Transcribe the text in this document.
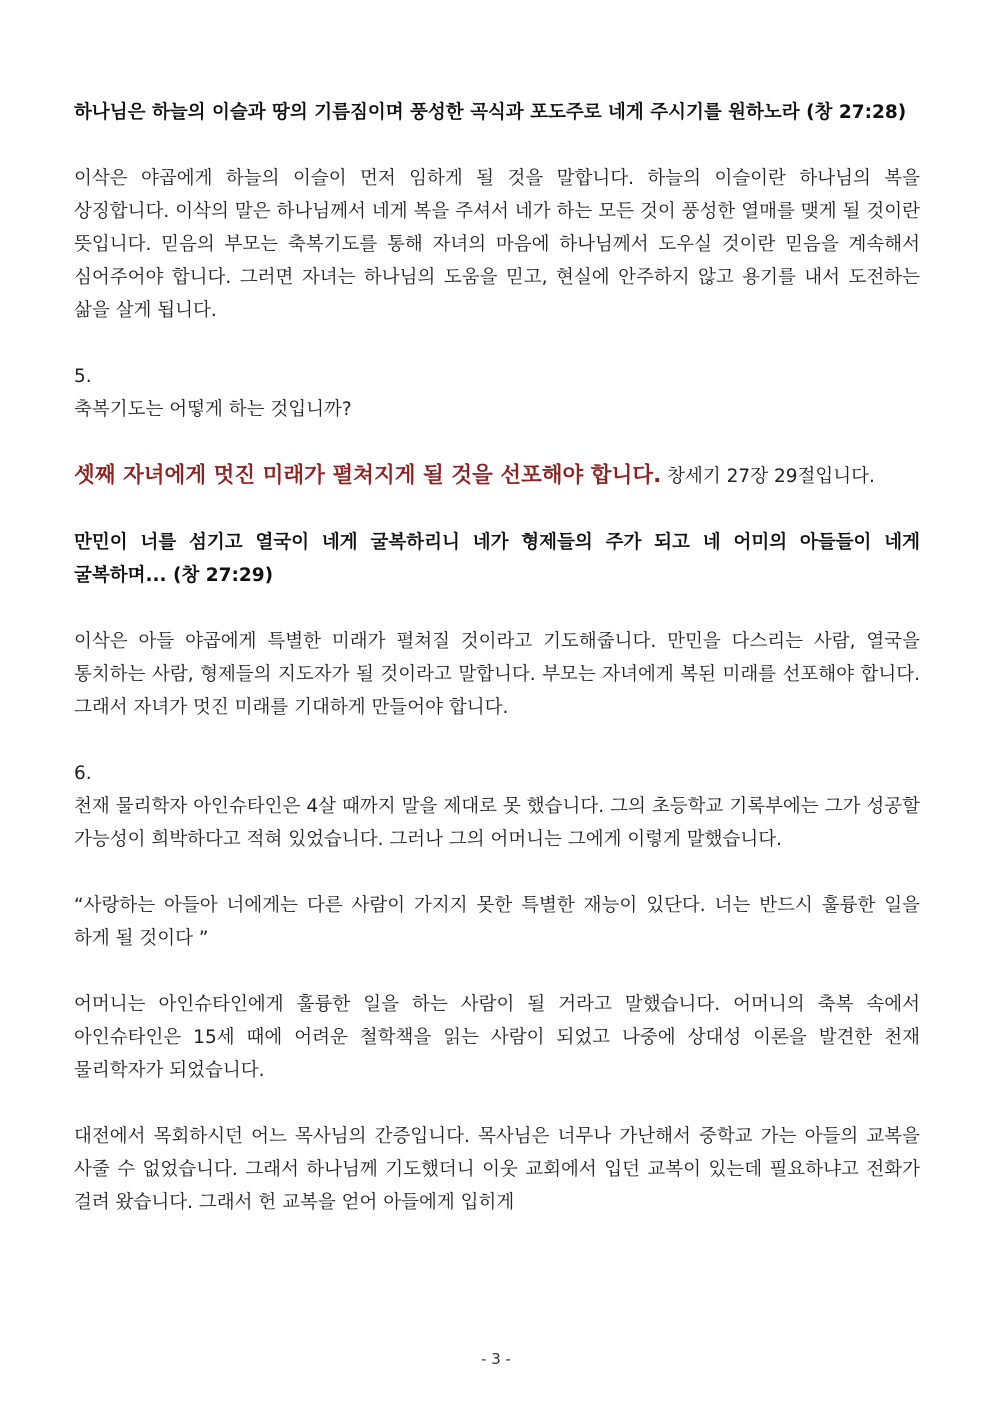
하나님은 하늘의 이슬과 땅의 기름짐이며 풍성한 곡식과 포도주로 네게 주시기를 원하노라 (창 27:28)

이삭은 야곱에게 하늘의 이슬이 먼저 임하게 될 것을 말합니다. 하늘의 이슬이란 하나님의 복을 상징합니다. 이삭의 말은 하나님께서 네게 복을 주셔서 네가 하는 모든 것이 풍성한 열매를 맺게 될 것이란 뜻입니다. 믿음의 부모는 축복기도를 통해 자녀의 마음에 하나님께서 도우실 것이란 믿음을 계속해서 심어주어야 합니다. 그러면 자녀는 하나님의 도움을 믿고, 현실에 안주하지 않고 용기를 내서 도전하는 삶을 살게 됩니다.

5.

축복기도는 어떻게 하는 것입니까?

셋째 자녀에게 멋진 미래가 펼쳐지게 될 것을 선포해야 합니다. 창세기 27장 29절입니다.

만민이 너를 섬기고 열국이 네게 굴복하리니 네가 형제들의 주가 되고 네 어미의 아들들이 네게 굴복하며... (창 27:29)

이삭은 아들 야곱에게 특별한 미래가 펼쳐질 것이라고 기도해줍니다. 만민을 다스리는 사람, 열국을 통치하는 사람, 형제들의 지도자가 될 것이라고 말합니다. 부모는 자녀에게 복된 미래를 선포해야 합니다. 그래서 자녀가 멋진 미래를 기대하게 만들어야 합니다.

6.

천재 물리학자 아인슈타인은 4살 때까지 말을 제대로 못 했습니다. 그의 초등학교 기록부에는 그가 성공할 가능성이 희박하다고 적혀 있었습니다. 그러나 그의 어머니는 그에게 이렇게 말했습니다.

“사랑하는 아들아 너에게는 다른 사람이 가지지 못한 특별한 재능이 있단다. 너는 반드시 훌륭한 일을 하게 될 것이다 ”

어머니는 아인슈타인에게 훌륭한 일을 하는 사람이 될 거라고 말했습니다. 어머니의 축복 속에서 아인슈타인은 15세 때에 어려운 철학책을 읽는 사람이 되었고 나중에 상대성 이론을 발견한 천재 물리학자가 되었습니다.

대전에서 목회하시던 어느 목사님의 간증입니다. 목사님은 너무나 가난해서 중학교 가는 아들의 교복을 사줄 수 없었습니다. 그래서 하나님께 기도했더니 이웃 교회에서 입던 교복이 있는데 필요하냐고 전화가 걸려 왔습니다. 그래서 헌 교복을 얻어 아들에게 입히게

- 3 -
